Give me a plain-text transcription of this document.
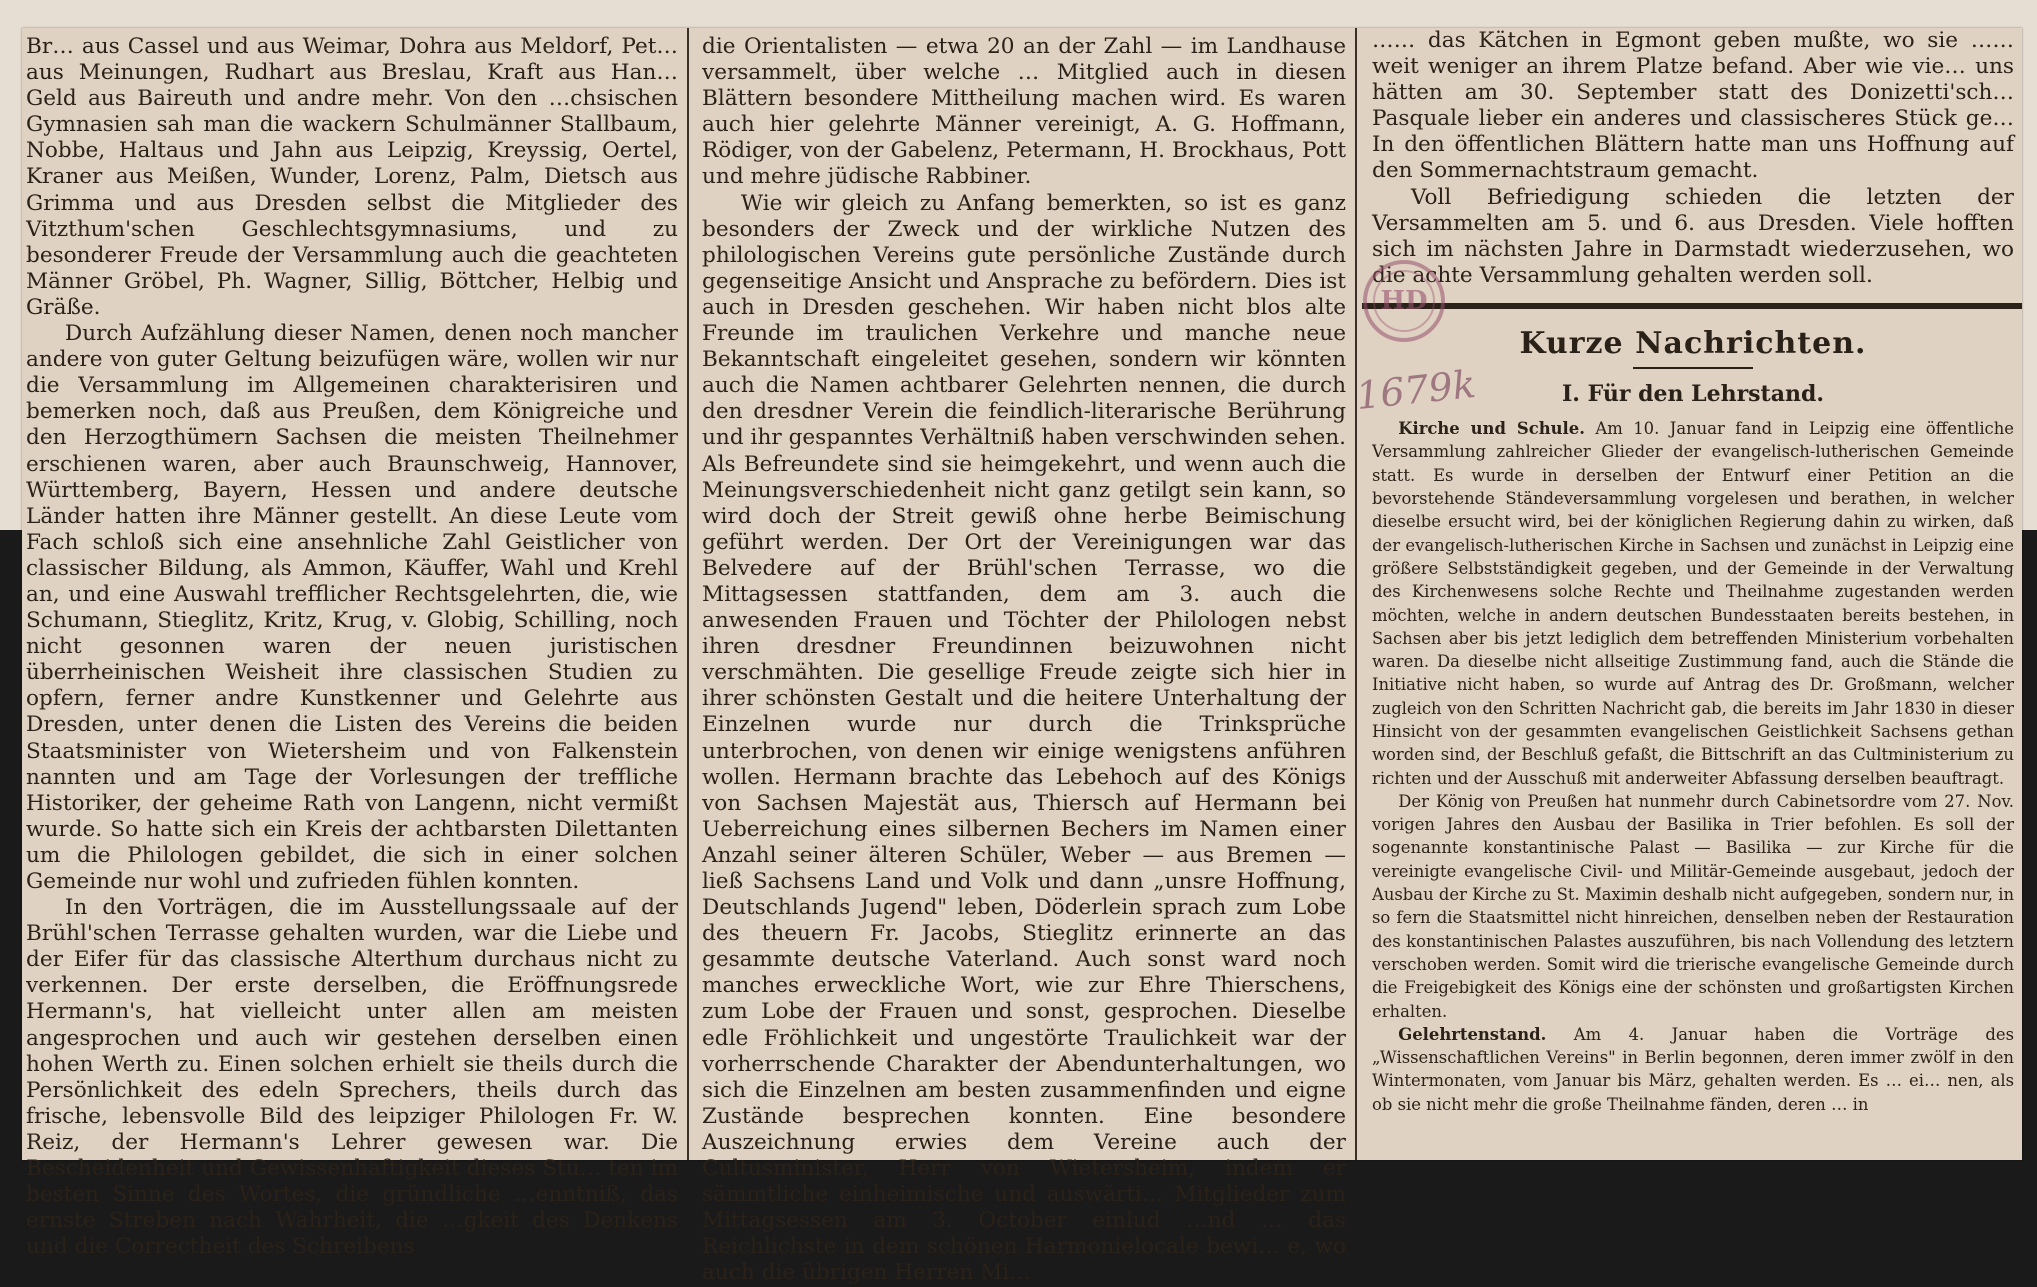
Br… aus Cassel und aus Weimar, Dohra aus Meldorf, Pet… aus Meinungen, Rudhart aus Breslau, Kraft aus Han… Geld aus Baireuth und andre mehr. Von den …chsischen Gymnasien sah man die wackern Schulmänner Stallbaum, Nobbe, Haltaus und Jahn aus Leipzig, Kreyssig, Oertel, Kraner aus Meißen, Wunder, Lorenz, Palm, Dietsch aus Grimma und aus Dresden selbst die Mitglieder des Vitzthum'schen Geschlechtsgymnasiums, und zu besonderer Freude der Versammlung auch die geachteten Männer Gröbel, Ph. Wagner, Sillig, Böttcher, Helbig und Gräße.

Durch Aufzählung dieser Namen, denen noch mancher andere von guter Geltung beizufügen wäre, wollen wir nur die Versammlung im Allgemeinen charakterisiren und bemerken noch, daß aus Preußen, dem Königreiche und den Herzogthümern Sachsen die meisten Theilnehmer erschienen waren, aber auch Braunschweig, Hannover, Württemberg, Bayern, Hessen und andere deutsche Länder hatten ihre Männer gestellt. An diese Leute vom Fach schloß sich eine ansehnliche Zahl Geistlicher von classischer Bildung, als Ammon, Käuffer, Wahl und Krehl an, und eine Auswahl trefflicher Rechtsgelehrten, die, wie Schumann, Stieglitz, Kritz, Krug, v. Globig, Schilling, noch nicht gesonnen waren der neuen juristischen überrheinischen Weisheit ihre classischen Studien zu opfern, ferner andre Kunstkenner und Gelehrte aus Dresden, unter denen die Listen des Vereins die beiden Staatsminister von Wietersheim und von Falkenstein nannten und am Tage der Vorlesungen der treffliche Historiker, der geheime Rath von Langenn, nicht vermißt wurde. So hatte sich ein Kreis der achtbarsten Dilettanten um die Philologen gebildet, die sich in einer solchen Gemeinde nur wohl und zufrieden fühlen konnten.

In den Vorträgen, die im Ausstellungssaale auf der Brühl'schen Terrasse gehalten wurden, war die Liebe und der Eifer für das classische Alterthum durchaus nicht zu verkennen. Der erste derselben, die Eröffnungsrede Hermann's, hat vielleicht unter allen am meisten angesprochen und auch wir gestehen derselben einen hohen Werth zu. Einen solchen erhielt sie theils durch die Persönlichkeit des edeln Sprechers, theils durch das frische, lebensvolle Bild des leipziger Philologen Fr. W. Reiz, der Hermann's Lehrer gewesen war. Die Bescheidenheit und Gewissenhaftigkeit dieses Stu… ten im besten Sinne des Wortes, die gründliche …enntniß, das ernste Streben nach Wahrheit, die …gkeit des Denkens und die Correctheit des Schreibens

die Orientalisten — etwa 20 an der Zahl — im Landhause versammelt, über welche … Mitglied auch in diesen Blättern besondere Mittheilung machen wird. Es waren auch hier gelehrte Männer vereinigt, A. G. Hoffmann, Rödiger, von der Gabelenz, Petermann, H. Brockhaus, Pott und mehre jüdische Rabbiner.

Wie wir gleich zu Anfang bemerkten, so ist es ganz besonders der Zweck und der wirkliche Nutzen des philologischen Vereins gute persönliche Zustände durch gegenseitige Ansicht und Ansprache zu befördern. Dies ist auch in Dresden geschehen. Wir haben nicht blos alte Freunde im traulichen Verkehre und manche neue Bekanntschaft eingeleitet gesehen, sondern wir könnten auch die Namen achtbarer Gelehrten nennen, die durch den dresdner Verein die feindlich-literarische Berührung und ihr gespanntes Verhältniß haben verschwinden sehen. Als Befreundete sind sie heimgekehrt, und wenn auch die Meinungsverschiedenheit nicht ganz getilgt sein kann, so wird doch der Streit gewiß ohne herbe Beimischung geführt werden. Der Ort der Vereinigungen war das Belvedere auf der Brühl'schen Terrasse, wo die Mittagsessen stattfanden, dem am 3. auch die anwesenden Frauen und Töchter der Philologen nebst ihren dresdner Freundinnen beizuwohnen nicht verschmähten. Die gesellige Freude zeigte sich hier in ihrer schönsten Gestalt und die heitere Unterhaltung der Einzelnen wurde nur durch die Trinksprüche unterbrochen, von denen wir einige wenigstens anführen wollen. Hermann brachte das Lebehoch auf des Königs von Sachsen Majestät aus, Thiersch auf Hermann bei Ueberreichung eines silbernen Bechers im Namen einer Anzahl seiner älteren Schüler, Weber — aus Bremen — ließ Sachsens Land und Volk und dann „unsre Hoffnung, Deutschlands Jugend" leben, Döderlein sprach zum Lobe des theuern Fr. Jacobs, Stieglitz erinnerte an das gesammte deutsche Vaterland. Auch sonst ward noch manches erweckliche Wort, wie zur Ehre Thierschens, zum Lobe der Frauen und sonst, gesprochen. Dieselbe edle Fröhlichkeit und ungestörte Traulichkeit war der vorherrschende Charakter der Abendunterhaltungen, wo sich die Einzelnen am besten zusammenfinden und eigne Zustände besprechen konnten. Eine besondere Auszeichnung erwies dem Vereine auch der Cultusminister, Herr von Wietersheim, indem er sämmtliche einheimische und auswärti… Mitglieder zum Mittagsessen am 3. October einlud …nd … das Reichlichste in dem schönen Harmonielocale bewi… e, wo auch die übrigen Herren Mi…

…… das Kätchen in Egmont geben mußte, wo sie …… weit weniger an ihrem Platze befand. Aber wie vie… uns hätten am 30. September statt des Donizetti'sch… Pasquale lieber ein anderes und classischeres Stück ge… In den öffentlichen Blättern hatte man uns Hoffnung auf den Sommernachtstraum gemacht.

Voll Befriedigung schieden die letzten der Versammelten am 5. und 6. aus Dresden. Viele hofften sich im nächsten Jahre in Darmstadt wiederzusehen, wo die achte Versammlung gehalten werden soll.

Kurze Nachrichten.
I. Für den Lehrstand.

Kirche und Schule. Am 10. Januar fand in Leipzig eine öffentliche Versammlung zahlreicher Glieder der evangelisch-lutherischen Gemeinde statt. Es wurde in derselben der Entwurf einer Petition an die bevorstehende Ständeversammlung vorgelesen und berathen, in welcher dieselbe ersucht wird, bei der königlichen Regierung dahin zu wirken, daß der evangelisch-lutherischen Kirche in Sachsen und zunächst in Leipzig eine größere Selbstständigkeit gegeben, und der Gemeinde in der Verwaltung des Kirchenwesens solche Rechte und Theilnahme zugestanden werden möchten, welche in andern deutschen Bundesstaaten bereits bestehen, in Sachsen aber bis jetzt lediglich dem betreffenden Ministerium vorbehalten waren. Da dieselbe nicht allseitige Zustimmung fand, auch die Stände die Initiative nicht haben, so wurde auf Antrag des Dr. Großmann, welcher zugleich von den Schritten Nachricht gab, die bereits im Jahr 1830 in dieser Hinsicht von der gesammten evangelischen Geistlichkeit Sachsens gethan worden sind, der Beschluß gefaßt, die Bittschrift an das Cultministerium zu richten und der Ausschuß mit anderweiter Abfassung derselben beauftragt.

Der König von Preußen hat nunmehr durch Cabinetsordre vom 27. Nov. vorigen Jahres den Ausbau der Basilika in Trier befohlen. Es soll der sogenannte konstantinische Palast — Basilika — zur Kirche für die vereinigte evangelische Civil- und Militär-Gemeinde ausgebaut, jedoch der Ausbau der Kirche zu St. Maximin deshalb nicht aufgegeben, sondern nur, in so fern die Staatsmittel nicht hinreichen, denselben neben der Restauration des konstantinischen Palastes auszuführen, bis nach Vollendung des letztern verschoben werden. Somit wird die trierische evangelische Gemeinde durch die Freigebigkeit des Königs eine der schönsten und großartigsten Kirchen erhalten.

Gelehrtenstand. Am 4. Januar haben die Vorträge des „Wissenschaftlichen Vereins" in Berlin begonnen, deren immer zwölf in den Wintermonaten, vom Januar bis März, gehalten werden. Es … ei… nen, als ob sie nicht mehr die große Theilnahme fänden, deren … in

HD
1679k
